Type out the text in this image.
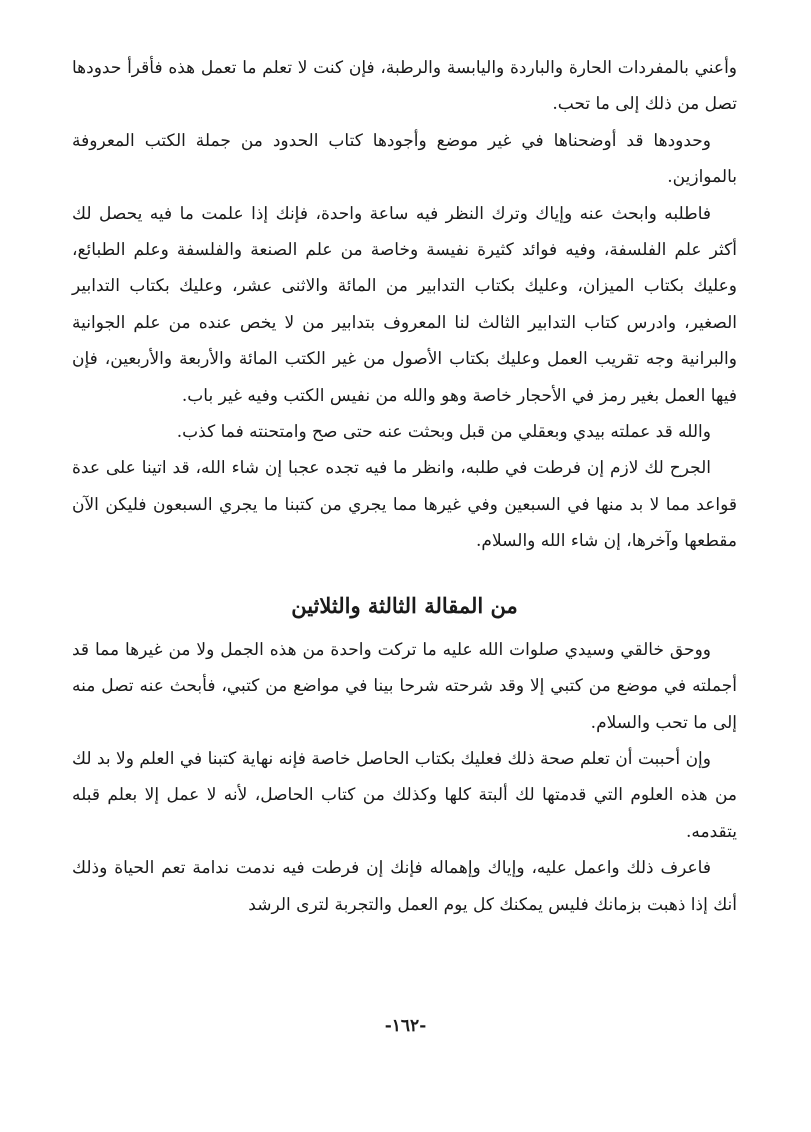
وأعني بالمفردات الحارة والباردة واليابسة والرطبة، فإن كنت لا تعلم ما تعمل هذه فأقرأ حدودها تصل من ذلك إلى ما تحب.

وحدودها قد أوضحناها في غير موضع وأجودها كتاب الحدود من جملة الكتب المعروفة بالموازين.

فاطلبه وابحث عنه وإياك وترك النظر فيه ساعة واحدة، فإنك إذا علمت ما فيه يحصل لك أكثر علم الفلسفة، وفيه فوائد كثيرة نفيسة وخاصة من علم الصنعة والفلسفة وعلم الطبائع، وعليك بكتاب الميزان، وعليك بكتاب التدابير من المائة والاثنى عشر، وعليك بكتاب التدابير الصغير، وادرس كتاب التدابير الثالث لنا المعروف بتدابير من لا يخص عنده من علم الجوانية والبرانية وجه تقريب العمل وعليك بكتاب الأصول من غير الكتب المائة والأربعة والأربعين، فإن فيها العمل بغير رمز في الأحجار خاصة وهو والله من نفيس الكتب وفيه غير باب.

والله قد عملته بيدي وبعقلي من قبل وبحثت عنه حتى صح وامتحنته فما كذب.

الجرح لك لازم إن فرطت في طلبه، وانظر ما فيه تجده عجبا إن شاء الله، قد اتينا على عدة قواعد مما لا بد منها في السبعين وفي غيرها مما يجري من كتبنا ما يجري السبعون فليكن الآن مقطعها وآخرها، إن شاء الله والسلام.

من المقالة الثالثة والثلاثين

ووحق خالقي وسيدي صلوات الله عليه ما تركت واحدة من هذه الجمل ولا من غيرها مما قد أجملته في موضع من كتبي إلا وقد شرحته شرحا بينا في مواضع من كتبي، فأبحث عنه تصل منه إلى ما تحب والسلام.

وإن أحببت أن تعلم صحة ذلك فعليك بكتاب الحاصل خاصة فإنه نهاية كتبنا في العلم ولا بد لك من هذه العلوم التي قدمتها لك ألبتة كلها وكذلك من كتاب الحاصل، لأنه لا عمل إلا بعلم قبله يتقدمه.

فاعرف ذلك واعمل عليه، وإياك وإهماله فإنك إن فرطت فيه ندمت ندامة تعم الحياة وذلك أنك إذا ذهبت بزمانك فليس يمكنك كل يوم العمل والتجربة لترى الرشد

-١٦٢-
